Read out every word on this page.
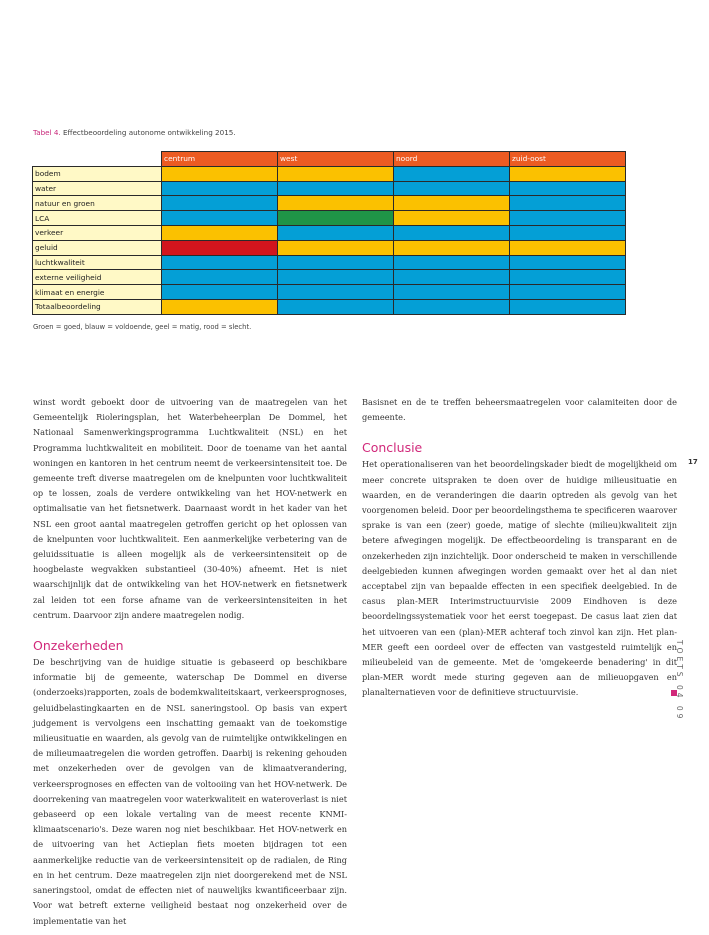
Tabel 4. Effectbeoordeling autonome ontwikkeling 2015.
	centrum	west	noord	zuid-oost
bodem				
water				
natuur en groen				
LCA				
verkeer				
geluid				
luchtkwaliteit				
externe veiligheid				
klimaat en energie				
Totaalbeoordeling				
Groen = goed, blauw = voldoende, geel = matig, rood = slecht.

winst wordt geboekt door de uitvoering van de maatregelen van het Gemeentelijk Rioleringsplan, het Waterbeheerplan De Dommel, het Nationaal Samenwerkingsprogramma Luchtkwaliteit (NSL) en het Programma luchtkwaliteit en mobiliteit. Door de toename van het aantal woningen en kantoren in het centrum neemt de verkeersintensiteit toe. De gemeente treft diverse maatregelen om de knelpunten voor luchtkwaliteit op te lossen, zoals de verdere ontwikkeling van het HOV-netwerk en optimalisatie van het fietsnetwerk. Daarnaast wordt in het kader van het NSL een groot aantal maatregelen getroffen gericht op het oplossen van de knelpunten voor luchtkwaliteit. Een aanmerkelijke verbetering van de geluidssituatie is alleen mogelijk als de verkeersintensiteit op de hoogbelaste wegvakken substantieel (30-40%) afneemt. Het is niet waarschijnlijk dat de ontwikkeling van het HOV-netwerk en fietsnetwerk zal leiden tot een forse afname van de verkeersintensiteiten in het centrum. Daarvoor zijn andere maatregelen nodig.

Onzekerheden

De beschrijving van de huidige situatie is gebaseerd op beschikbare informatie bij de gemeente, waterschap De Dommel en diverse (onderzoeks)rapporten, zoals de bodemkwaliteitskaart, verkeersprognoses, geluidbelastingkaarten en de NSL saneringstool. Op basis van expert judgement is vervolgens een inschatting gemaakt van de toekomstige milieusituatie en waarden, als gevolg van de ruimtelijke ontwikkelingen en de milieumaatregelen die worden getroffen. Daarbij is rekening gehouden met onzekerheden over de gevolgen van de klimaatverandering, verkeersprognoses en effecten van de voltooiing van het HOV-netwerk. De doorrekening van maatregelen voor waterkwaliteit en wateroverlast is niet gebaseerd op een lokale vertaling van de meest recente KNMI-klimaatscenario's. Deze waren nog niet beschikbaar. Het HOV-netwerk en de uitvoering van het Actieplan fiets moeten bijdragen tot een aanmerkelijke reductie van de verkeersintensiteit op de radialen, de Ring en in het centrum. Deze maatregelen zijn niet doorgerekend met de NSL saneringstool, omdat de effecten niet of nauwelijks kwantificeerbaar zijn. Voor wat betreft externe veiligheid bestaat nog onzekerheid over de implementatie van het

Basisnet en de te treffen beheersmaatregelen voor calamiteiten door de gemeente.

Conclusie

Het operationaliseren van het beoordelingskader biedt de mogelijkheid om meer concrete uitspraken te doen over de huidige milieusituatie en waarden, en de veranderingen die daarin optreden als gevolg van het voorgenomen beleid. Door per beoordelingsthema te specificeren waarover sprake is van een (zeer) goede, matige of slechte (milieu)kwaliteit zijn betere afwegingen mogelijk. De effectbeoordeling is transparant en de onzekerheden zijn inzichtelijk. Door onderscheid te maken in verschillende deelgebieden kunnen afwegingen worden gemaakt over het al dan niet acceptabel zijn van bepaalde effecten in een specifiek deelgebied. In de casus plan-MER Interimstructuurvisie 2009 Eindhoven is deze beoordelingssystematiek voor het eerst toegepast. De casus laat zien dat het uitvoeren van een (plan)-MER achteraf toch zinvol kan zijn. Het plan-MER geeft een oordeel over de effecten van vastgesteld ruimtelijk en milieubeleid van de gemeente. Met de 'omgekeerde benadering' in dit plan-MER wordt mede sturing gegeven aan de milieuopgaven en planalternatieven voor de definitieve structuurvisie.

17
TOETS 04 09
